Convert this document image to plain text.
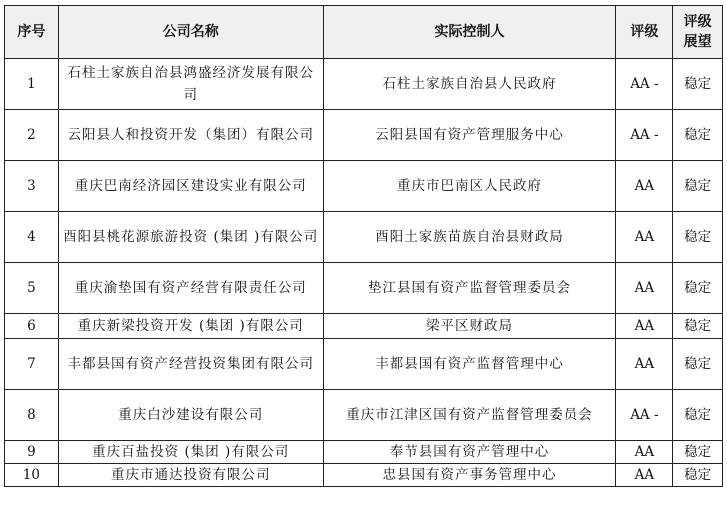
序号	公司名称	实际控制人	评级	评级展望
1	石柱土家族自治县鸿盛经济发展有限公司	石柱土家族自治县人民政府	AA -	稳定
2	云阳县人和投资开发（集团）有限公司	云阳县国有资产管理服务中心	AA -	稳定
3	重庆巴南经济园区建设实业有限公司	重庆市巴南区人民政府	AA	稳定
4	酉阳县桃花源旅游投资 (集团 )有限公司	酉阳土家族苗族自治县财政局	AA	稳定
5	重庆渝垫国有资产经营有限责任公司	垫江县国有资产监督管理委员会	AA	稳定
6	重庆新梁投资开发 (集团 )有限公司	梁平区财政局	AA	稳定
7	丰都县国有资产经营投资集团有限公司	丰都县国有资产监督管理中心	AA	稳定
8	重庆白沙建设有限公司	重庆市江津区国有资产监督管理委员会	AA -	稳定
9	重庆百盐投资 (集团 )有限公司	奉节县国有资产管理中心	AA	稳定
10	重庆市通达投资有限公司	忠县国有资产事务管理中心	AA	稳定
